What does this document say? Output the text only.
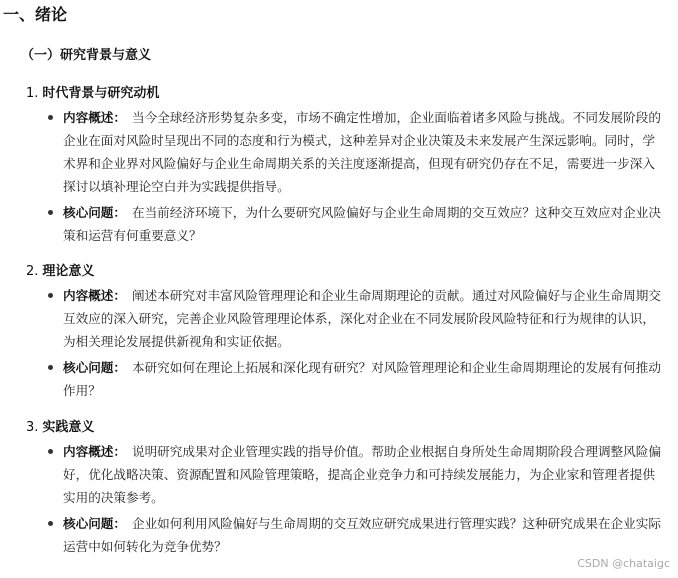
一、绪论
（一）研究背景与意义
1. 时代背景与研究动机
内容概述： 当今全球经济形势复杂多变，市场不确定性增加，企业面临着诸多风险与挑战。不同发展阶段的企业在面对风险时呈现出不同的态度和行为模式，这种差异对企业决策及未来发展产生深远影响。同时，学术界和企业界对风险偏好与企业生命周期关系的关注度逐渐提高，但现有研究仍存在不足，需要进一步深入探讨以填补理论空白并为实践提供指导。
核心问题： 在当前经济环境下，为什么要研究风险偏好与企业生命周期的交互效应？这种交互效应对企业决策和运营有何重要意义？
2. 理论意义
内容概述： 阐述本研究对丰富风险管理理论和企业生命周期理论的贡献。通过对风险偏好与企业生命周期交互效应的深入研究，完善企业风险管理理论体系，深化对企业在不同发展阶段风险特征和行为规律的认识，为相关理论发展提供新视角和实证依据。
核心问题： 本研究如何在理论上拓展和深化现有研究？对风险管理理论和企业生命周期理论的发展有何推动作用？
3. 实践意义
内容概述： 说明研究成果对企业管理实践的指导价值。帮助企业根据自身所处生命周期阶段合理调整风险偏好，优化战略决策、资源配置和风险管理策略，提高企业竞争力和可持续发展能力，为企业家和管理者提供实用的决策参考。
核心问题： 企业如何利用风险偏好与生命周期的交互效应研究成果进行管理实践？这种研究成果在企业实际运营中如何转化为竞争优势？
CSDN @chataigc
